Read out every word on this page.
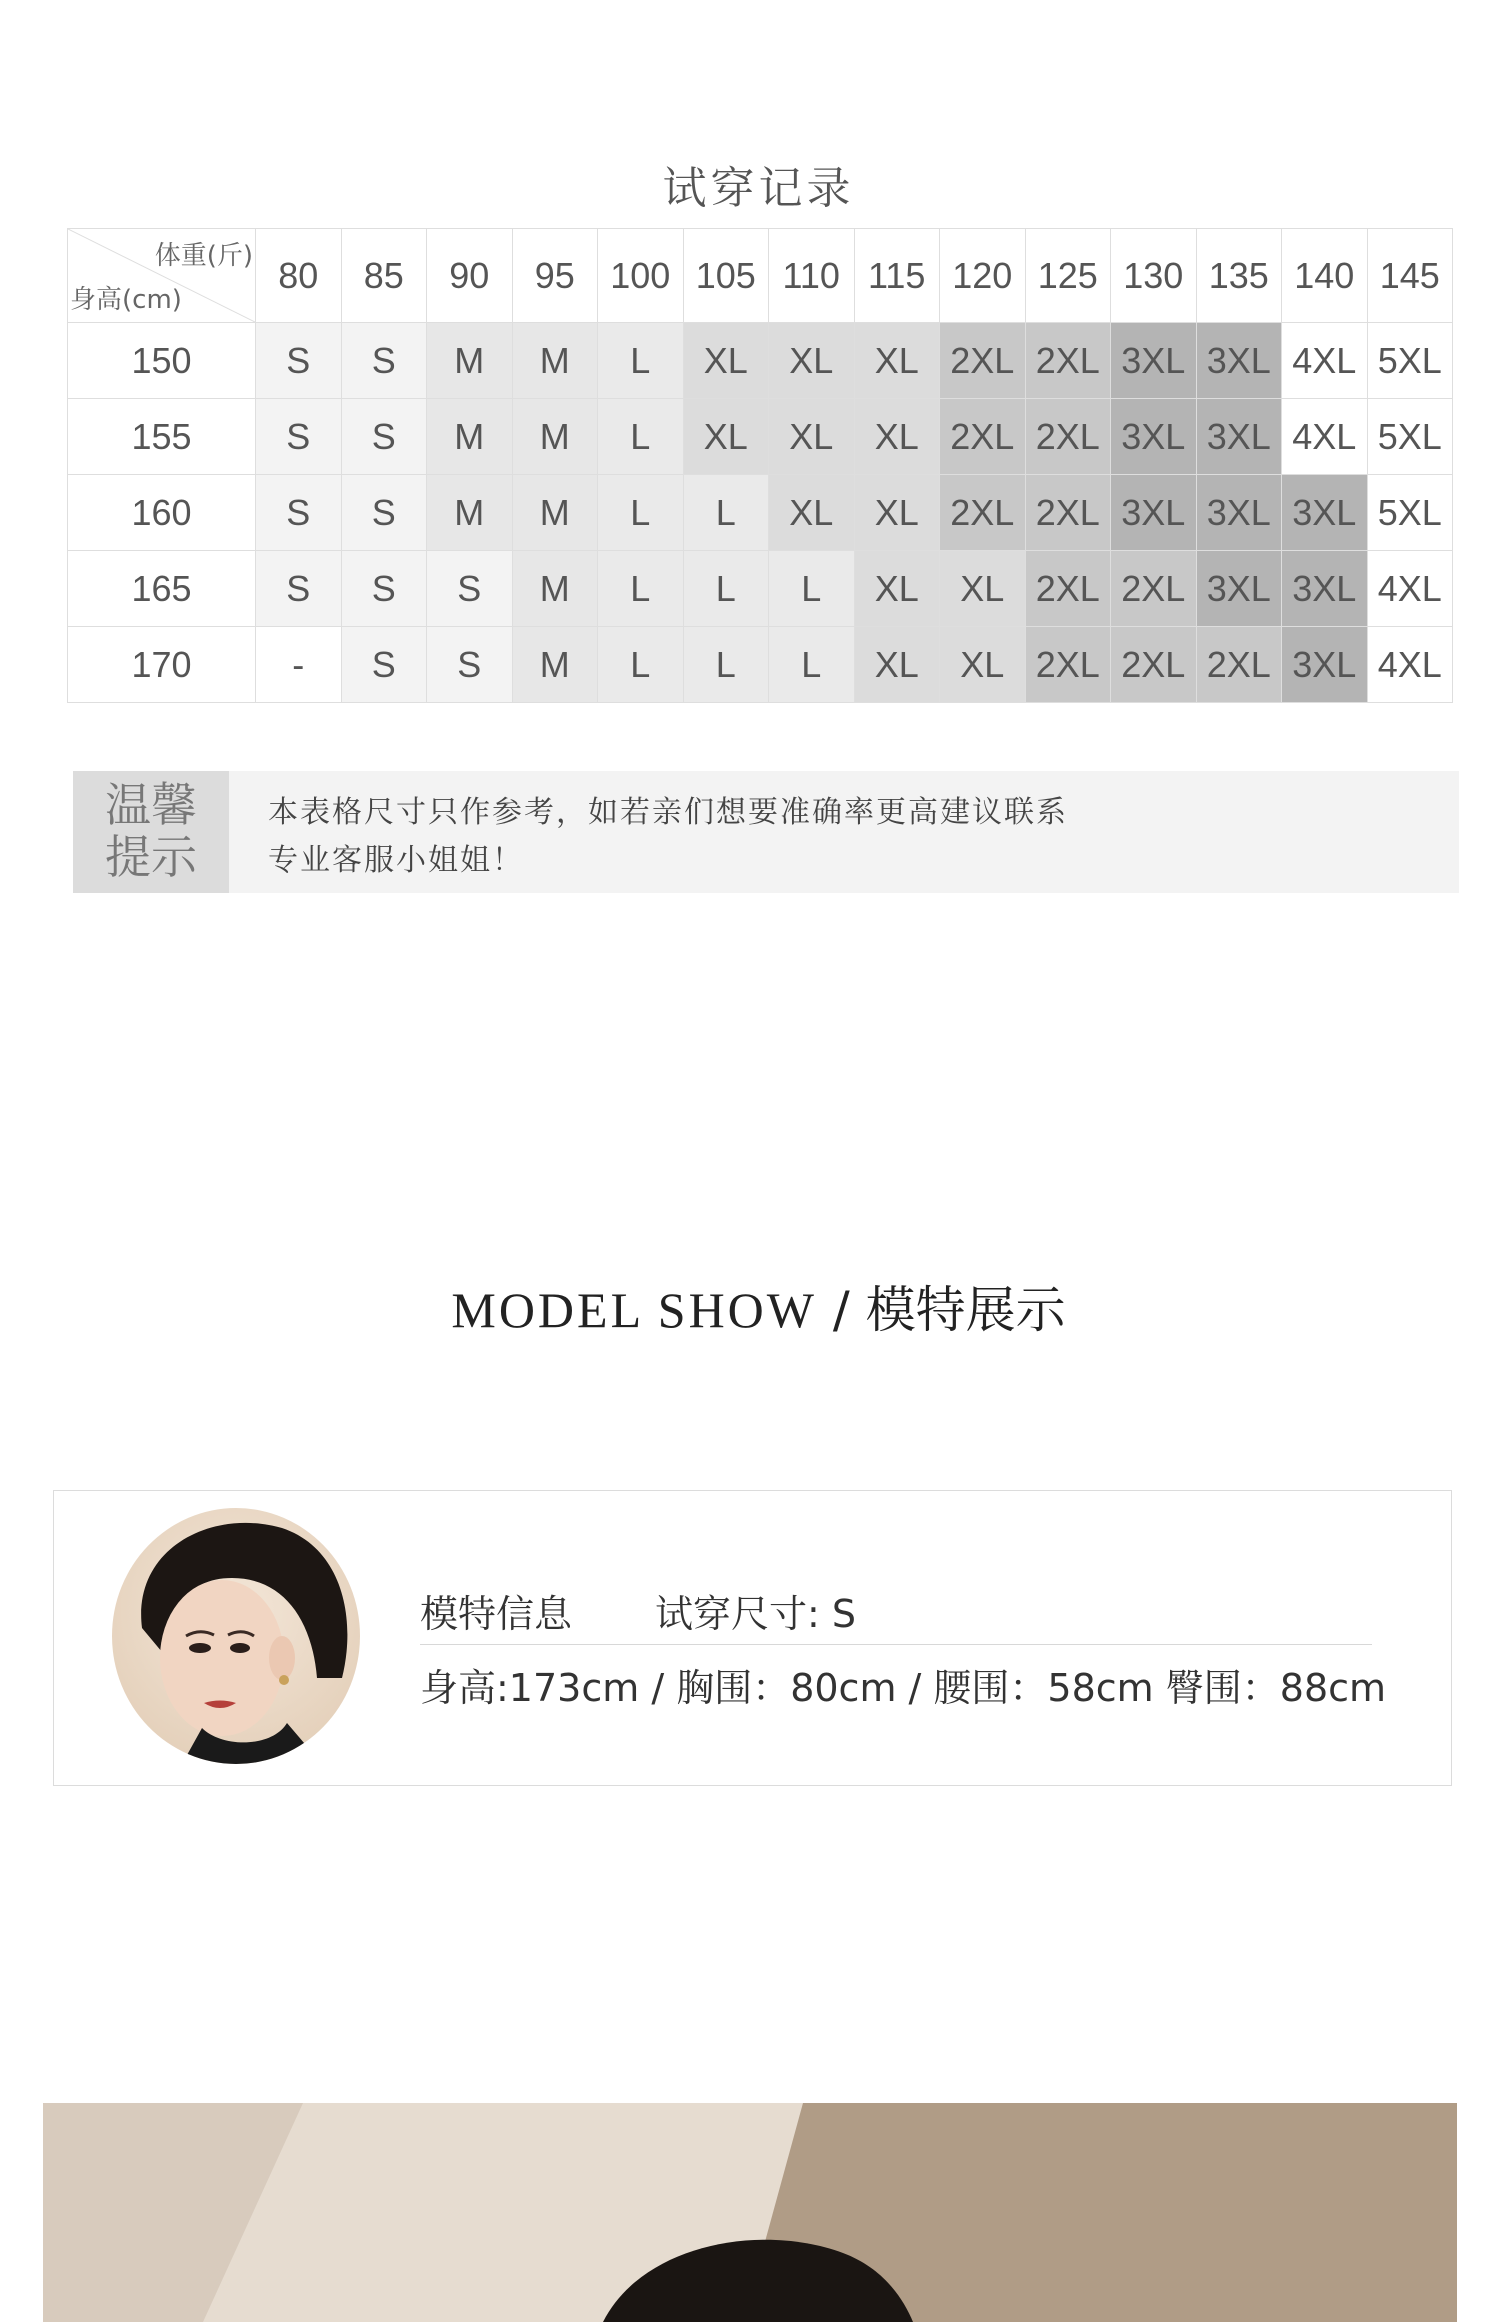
试穿记录
体重(斤)
身高(cm)	80	85	90	95	100	105	110	115	120	125	130	135	140	145
150	S	S	M	M	L	XL	XL	XL	2XL	2XL	3XL	3XL	4XL	5XL
155	S	S	M	M	L	XL	XL	XL	2XL	2XL	3XL	3XL	4XL	5XL
160	S	S	M	M	L	L	XL	XL	2XL	2XL	3XL	3XL	3XL	5XL
165	S	S	S	M	L	L	L	XL	XL	2XL	2XL	3XL	3XL	4XL
170	-	S	S	M	L	L	L	XL	XL	2XL	2XL	2XL	3XL	4XL
温馨
提示
本表格尺寸只作参考，如若亲们想要准确率更高建议联系
专业客服小姐姐！
MODEL SHOW / 模特展示
模特信息 试穿尺寸: S
身高:173cm / 胸围：80cm / 腰围：58cm 臀围：88cm
